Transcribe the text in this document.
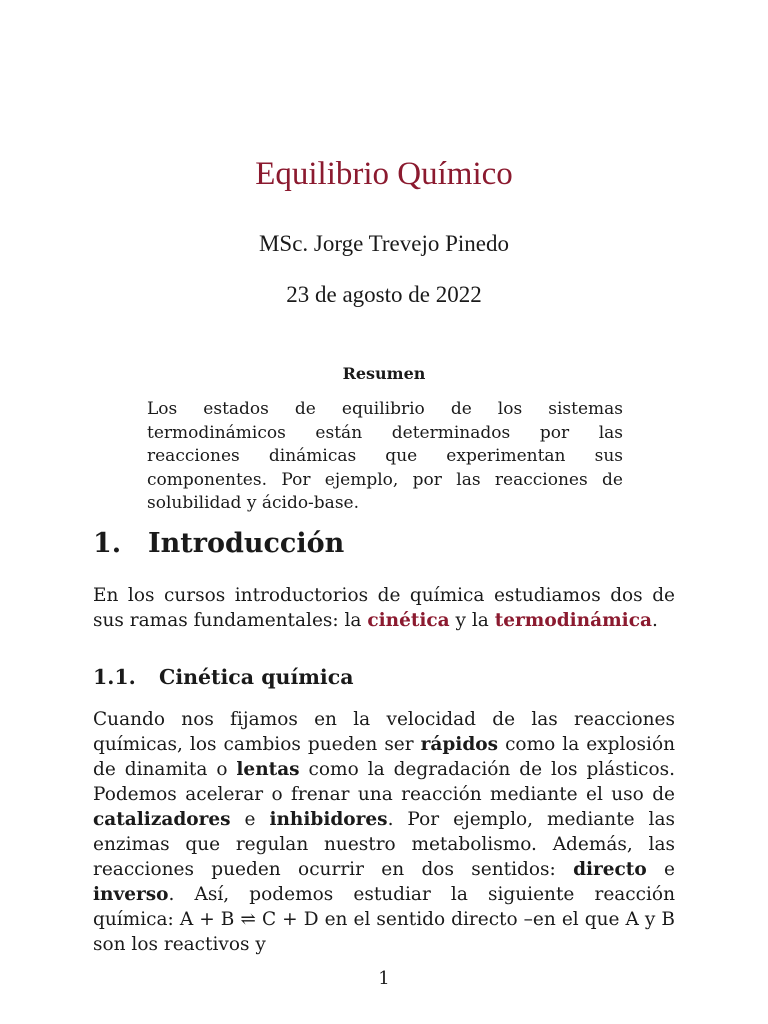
Equilibrio Químico
MSc. Jorge Trevejo Pinedo
23 de agosto de 2022
Resumen

Los estados de equilibrio de los sistemas termodinámicos están determinados por las reacciones dinámicas que experimentan sus componentes. Por ejemplo, por las reacciones de solubilidad y ácido-base.

1. Introducción

En los cursos introductorios de química estudiamos dos de sus ramas fundamentales: la cinética y la termodinámica.

1.1. Cinética química

Cuando nos fijamos en la velocidad de las reacciones químicas, los cambios pueden ser rápidos como la explosión de dinamita o lentas como la degradación de los plásticos. Podemos acelerar o frenar una reacción mediante el uso de catalizadores e inhibidores. Por ejemplo, mediante las enzimas que regulan nuestro metabolismo. Además, las reacciones pueden ocurrir en dos sentidos: directo e inverso. Así, podemos estudiar la siguiente reacción química: A + B ⇌ C + D en el sentido directo –en el que A y B son los reactivos y

1
